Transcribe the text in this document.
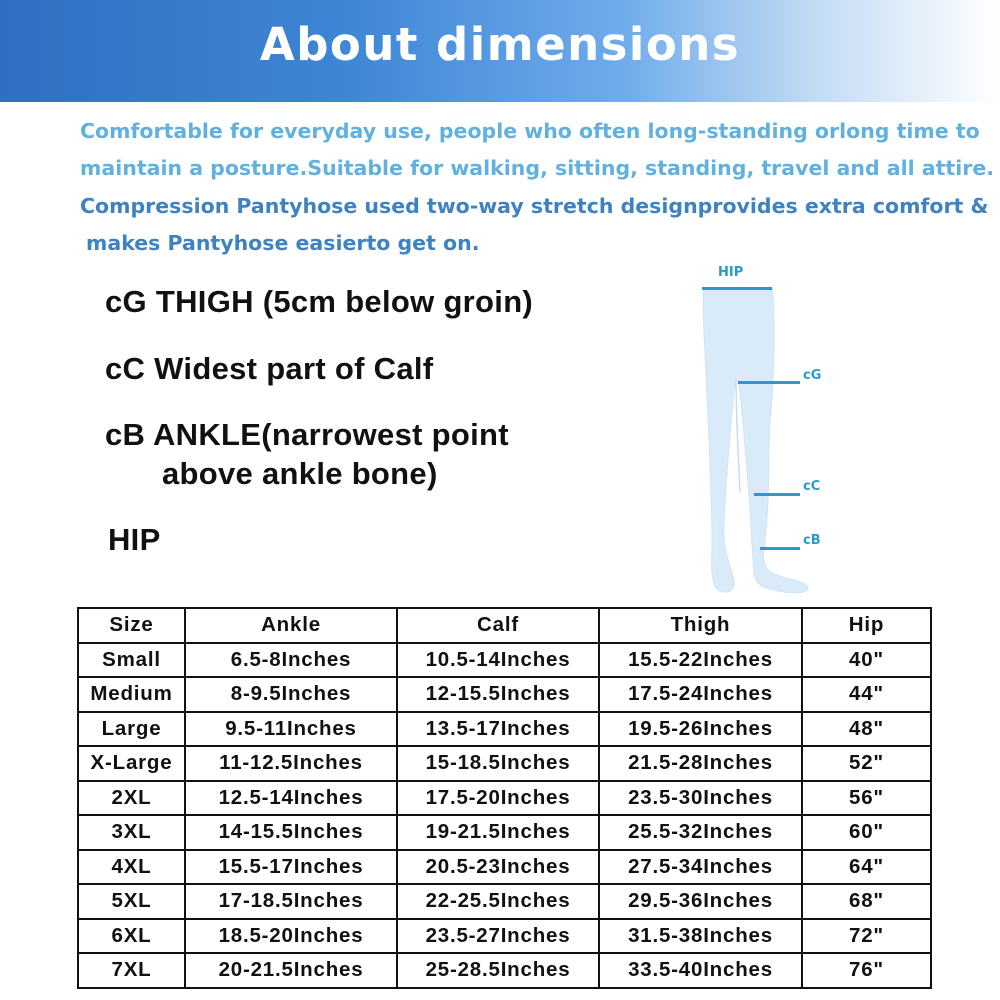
About dimensions
Comfortable for everyday use, people who often long-standing orlong time to
maintain a posture.Suitable for walking, sitting, standing, travel and all attire.
Compression Pantyhose used two-way stretch designprovides extra comfort &
makes Pantyhose easierto get on.
cG THIGH (5cm below groin)
cC Widest part of Calf
cB ANKLE(narrowest point
above ankle bone)
HIP
HIP
cG
cC
cB
Size	Ankle	Calf	Thigh	Hip
Small	6.5-8Inches	10.5-14Inches	15.5-22Inches	40"
Medium	8-9.5Inches	12-15.5Inches	17.5-24Inches	44"
Large	9.5-11Inches	13.5-17Inches	19.5-26Inches	48"
X-Large	11-12.5Inches	15-18.5Inches	21.5-28Inches	52"
2XL	12.5-14Inches	17.5-20Inches	23.5-30Inches	56"
3XL	14-15.5Inches	19-21.5Inches	25.5-32Inches	60"
4XL	15.5-17Inches	20.5-23Inches	27.5-34Inches	64"
5XL	17-18.5Inches	22-25.5Inches	29.5-36Inches	68"
6XL	18.5-20Inches	23.5-27Inches	31.5-38Inches	72"
7XL	20-21.5Inches	25-28.5Inches	33.5-40Inches	76"
